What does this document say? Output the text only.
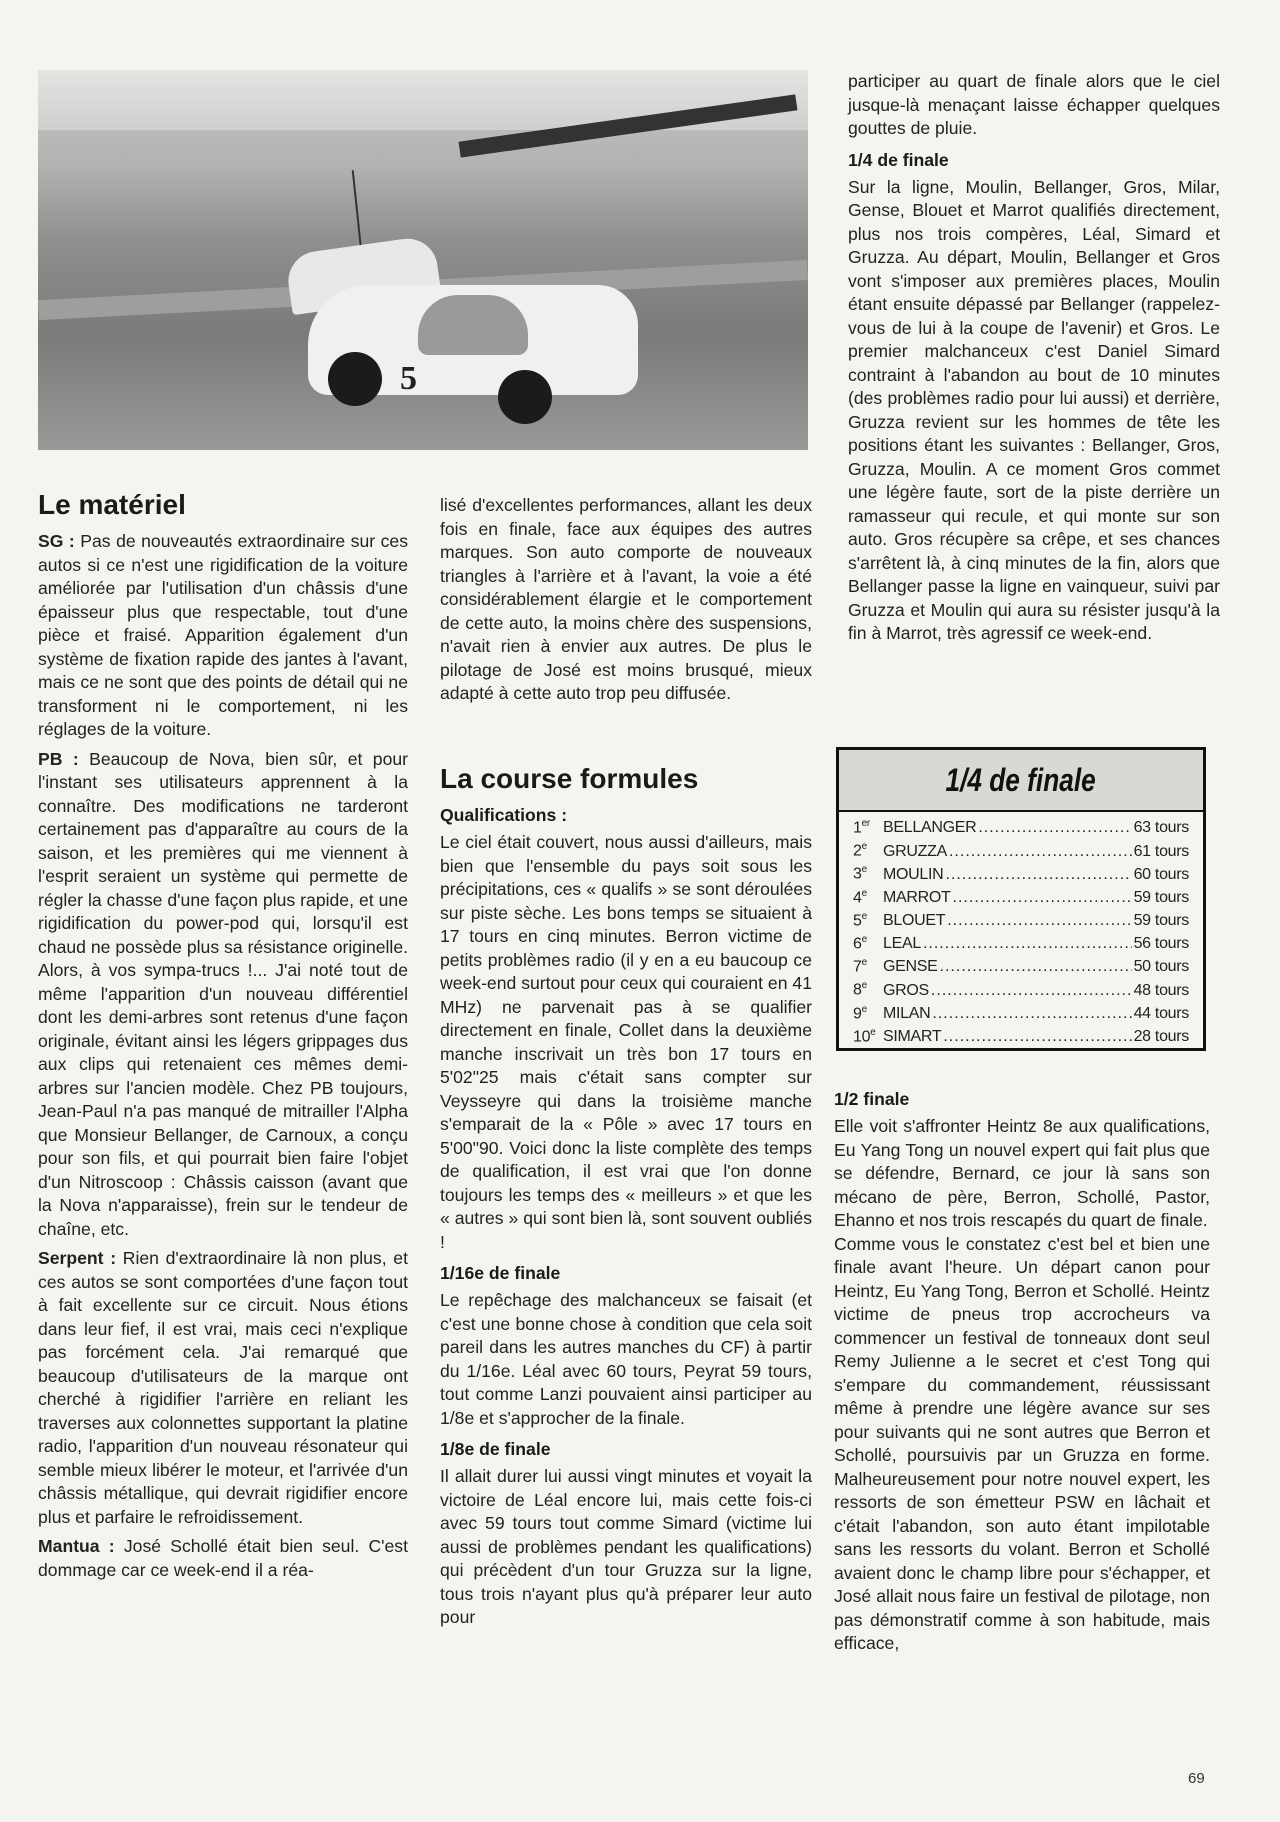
5
Le matériel

SG : Pas de nouveautés extraordinaire sur ces autos si ce n'est une rigidification de la voiture améliorée par l'utilisation d'un châssis d'une épaisseur plus que respectable, tout d'une pièce et fraisé. Apparition également d'un système de fixation rapide des jantes à l'avant, mais ce ne sont que des points de détail qui ne transforment ni le comportement, ni les réglages de la voiture.

PB : Beaucoup de Nova, bien sûr, et pour l'instant ses utilisateurs apprennent à la connaître. Des modifications ne tarderont certainement pas d'apparaître au cours de la saison, et les premières qui me viennent à l'esprit seraient un système qui permette de régler la chasse d'une façon plus rapide, et une rigidification du power-pod qui, lorsqu'il est chaud ne possède plus sa résistance originelle. Alors, à vos sympa-trucs !... J'ai noté tout de même l'apparition d'un nouveau différentiel dont les demi-arbres sont retenus d'une façon originale, évitant ainsi les légers grippages dus aux clips qui retenaient ces mêmes demi-arbres sur l'ancien modèle. Chez PB toujours, Jean-Paul n'a pas manqué de mitrailler l'Alpha que Monsieur Bellanger, de Carnoux, a conçu pour son fils, et qui pourrait bien faire l'objet d'un Nitroscoop : Châssis caisson (avant que la Nova n'apparaisse), frein sur le tendeur de chaîne, etc.

Serpent : Rien d'extraordinaire là non plus, et ces autos se sont comportées d'une façon tout à fait excellente sur ce circuit. Nous étions dans leur fief, il est vrai, mais ceci n'explique pas forcément cela. J'ai remarqué que beaucoup d'utilisateurs de la marque ont cherché à rigidifier l'arrière en reliant les traverses aux colonnettes supportant la platine radio, l'apparition d'un nouveau résonateur qui semble mieux libérer le moteur, et l'arrivée d'un châssis métallique, qui devrait rigidifier encore plus et parfaire le refroidissement.

Mantua : José Schollé était bien seul. C'est dommage car ce week-end il a réa-

lisé d'excellentes performances, allant les deux fois en finale, face aux équipes des autres marques. Son auto comporte de nouveaux triangles à l'arrière et à l'avant, la voie a été considérablement élargie et le comportement de cette auto, la moins chère des suspensions, n'avait rien à envier aux autres. De plus le pilotage de José est moins brusqué, mieux adapté à cette auto trop peu diffusée.

La course formules
Qualifications :

Le ciel était couvert, nous aussi d'ailleurs, mais bien que l'ensemble du pays soit sous les précipitations, ces « qualifs » se sont déroulées sur piste sèche. Les bons temps se situaient à 17 tours en cinq minutes. Berron victime de petits problèmes radio (il y en a eu baucoup ce week-end surtout pour ceux qui couraient en 41 MHz) ne parvenait pas à se qualifier directement en finale, Collet dans la deuxième manche inscrivait un très bon 17 tours en 5'02"25 mais c'était sans compter sur Veysseyre qui dans la troisième manche s'emparait de la « Pôle » avec 17 tours en 5'00"90. Voici donc la liste complète des temps de qualification, il est vrai que l'on donne toujours les temps des « meilleurs » et que les « autres » qui sont bien là, sont souvent oubliés !

1/16e de finale

Le repêchage des malchanceux se faisait (et c'est une bonne chose à condition que cela soit pareil dans les autres manches du CF) à partir du 1/16e. Léal avec 60 tours, Peyrat 59 tours, tout comme Lanzi pouvaient ainsi participer au 1/8e et s'approcher de la finale.

1/8e de finale

Il allait durer lui aussi vingt minutes et voyait la victoire de Léal encore lui, mais cette fois-ci avec 59 tours tout comme Simard (victime lui aussi de problèmes pendant les qualifications) qui précèdent d'un tour Gruzza sur la ligne, tous trois n'ayant plus qu'à préparer leur auto pour

participer au quart de finale alors que le ciel jusque-là menaçant laisse échapper quelques gouttes de pluie.

1/4 de finale

Sur la ligne, Moulin, Bellanger, Gros, Milar, Gense, Blouet et Marrot qualifiés directement, plus nos trois compères, Léal, Simard et Gruzza. Au départ, Moulin, Bellanger et Gros vont s'imposer aux premières places, Moulin étant ensuite dépassé par Bellanger (rappelez-vous de lui à la coupe de l'avenir) et Gros. Le premier malchanceux c'est Daniel Simard contraint à l'abandon au bout de 10 minutes (des problèmes radio pour lui aussi) et derrière, Gruzza revient sur les hommes de tête les positions étant les suivantes : Bellanger, Gros, Gruzza, Moulin. A ce moment Gros commet une légère faute, sort de la piste derrière un ramasseur qui recule, et qui monte sur son auto. Gros récupère sa crêpe, et ses chances s'arrêtent là, à cinq minutes de la fin, alors que Bellanger passe la ligne en vainqueur, suivi par Gruzza et Moulin qui aura su résister jusqu'à la fin à Marrot, très agressif ce week-end.

1/4 de finale
1er BELLANGER .....	63 tours
2e	GRUZZA .....	61 tours
3e	MOULIN .....	60 tours
4e	MARROT .....	59 tours
5e	BLOUET .....	59 tours
6e	LEAL .....	56 tours
7e	GENSE .....	50 tours
8e	GROS .....	48 tours
9e	MILAN .....	44 tours
10e SIMART .....	28 tours
1/2 finale

Elle voit s'affronter Heintz 8e aux qualifications, Eu Yang Tong un nouvel expert qui fait plus que se défendre, Bernard, ce jour là sans son mécano de père, Berron, Schollé, Pastor, Ehanno et nos trois rescapés du quart de finale.

Comme vous le constatez c'est bel et bien une finale avant l'heure. Un départ canon pour Heintz, Eu Yang Tong, Berron et Schollé. Heintz victime de pneus trop accrocheurs va commencer un festival de tonneaux dont seul Remy Julienne a le secret et c'est Tong qui s'empare du commandement, réussissant même à prendre une légère avance sur ses pour suivants qui ne sont autres que Berron et Schollé, poursuivis par un Gruzza en forme. Malheureusement pour notre nouvel expert, les ressorts de son émetteur PSW en lâchait et c'était l'abandon, son auto étant impilotable sans les ressorts du volant. Berron et Schollé avaient donc le champ libre pour s'échapper, et José allait nous faire un festival de pilotage, non pas démonstratif comme à son habitude, mais efficace,

69
